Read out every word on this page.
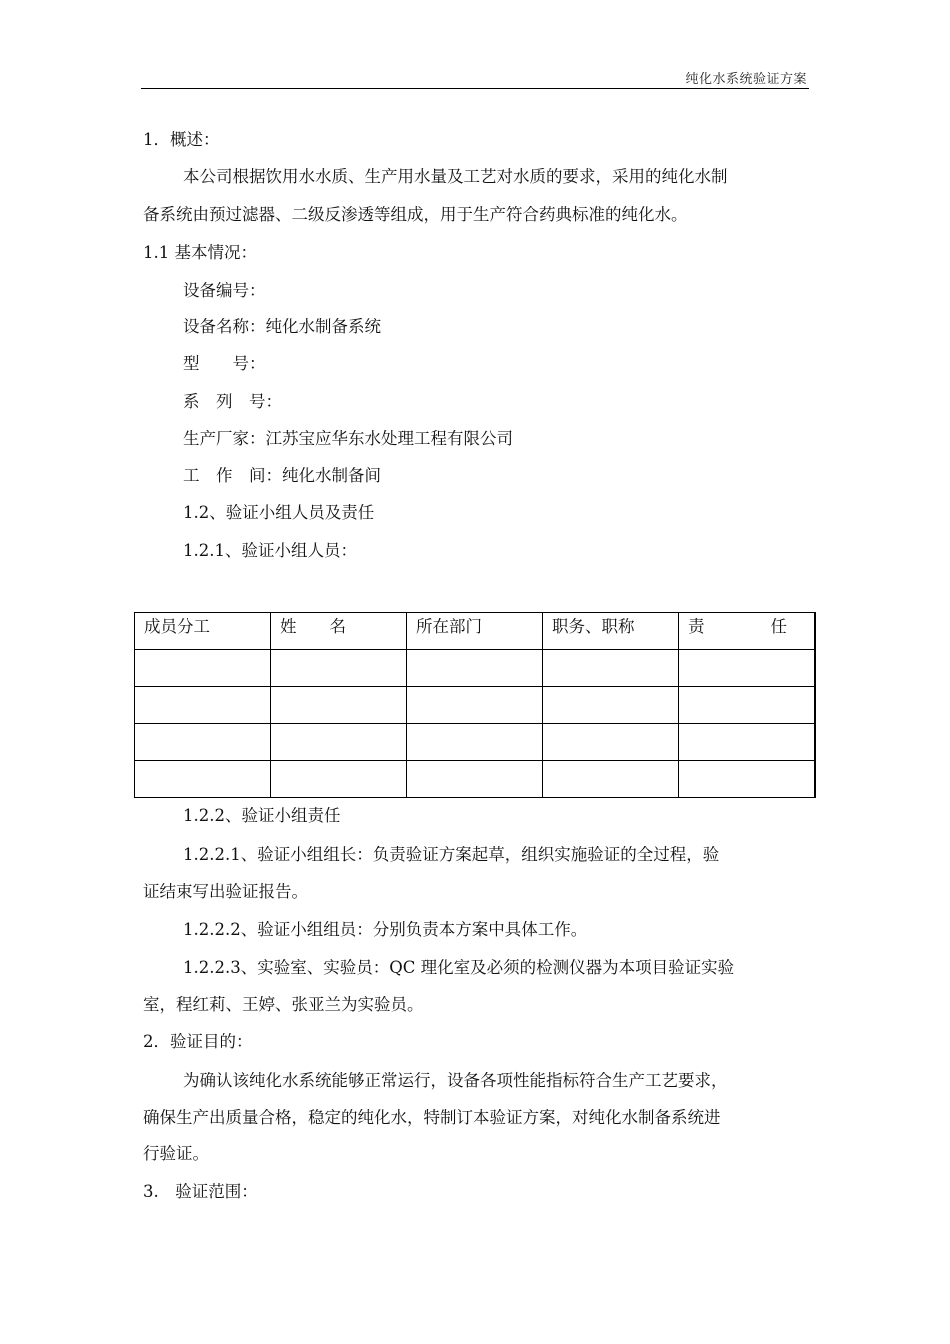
纯化水系统验证方案
1．概述：
本公司根据饮用水水质、生产用水量及工艺对水质的要求，采用的纯化水制
备系统由预过滤器、二级反渗透等组成，用于生产符合药典标准的纯化水。
1.1 基本情况：
设备编号：
设备名称：纯化水制备系统
型　　号：
系　列　号：
生产厂家：江苏宝应华东水处理工程有限公司
工　作　间：纯化水制备间
1.2、验证小组人员及责任
1.2.1、验证小组人员：
成员分工	姓　　名	所在部门	职务、职称	责　　　　任

1.2.2、验证小组责任
1.2.2.1、验证小组组长：负责验证方案起草，组织实施验证的全过程，验
证结束写出验证报告。
1.2.2.2、验证小组组员：分别负责本方案中具体工作。
1.2.2.3、实验室、实验员：QC 理化室及必须的检测仪器为本项目验证实验
室，程红莉、王婷、张亚兰为实验员。
2．验证目的：
为确认该纯化水系统能够正常运行，设备各项性能指标符合生产工艺要求，
确保生产出质量合格，稳定的纯化水，特制订本验证方案，对纯化水制备系统进
行验证。
3.　验证范围：
